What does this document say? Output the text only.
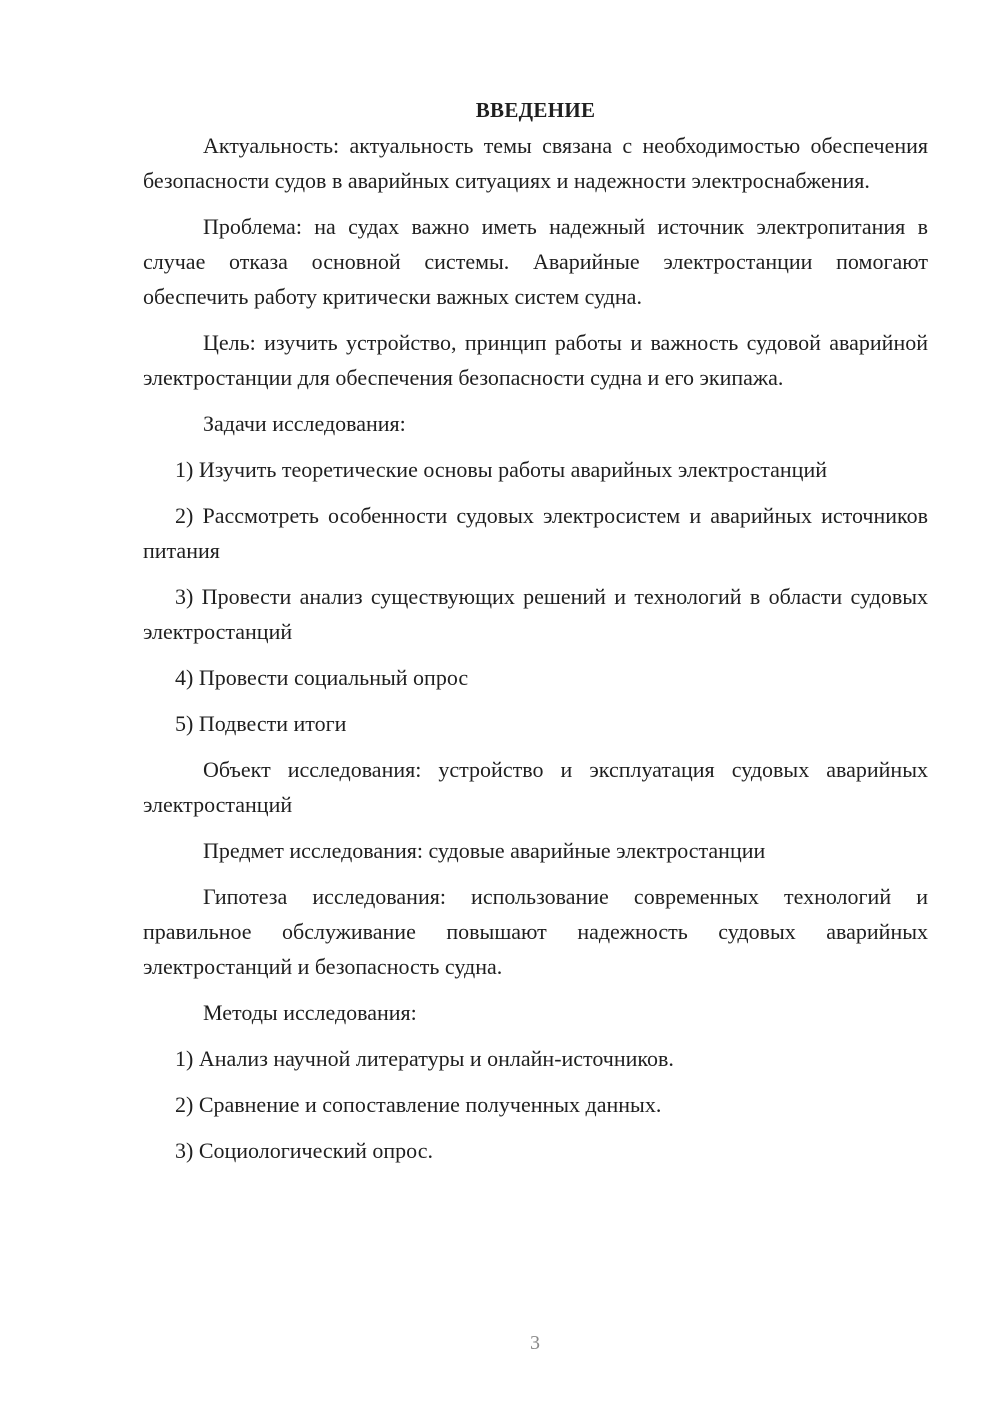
ВВЕДЕНИЕ

Актуальность: актуальность темы связана с необходимостью обеспечения безопасности судов в аварийных ситуациях и надежности электроснабжения.

Проблема: на судах важно иметь надежный источник электропитания в случае отказа основной системы. Аварийные электростанции помогают обеспечить работу критически важных систем судна.

Цель: изучить устройство, принцип работы и важность судовой аварийной электростанции для обеспечения безопасности судна и его экипажа.

Задачи исследования:

1) Изучить теоретические основы работы аварийных электростанций

2) Рассмотреть особенности судовых электросистем и аварийных источников питания

3) Провести анализ существующих решений и технологий в области судовых электростанций

4) Провести социальный опрос

5) Подвести итоги

Объект исследования: устройство и эксплуатация судовых аварийных электростанций

Предмет исследования: судовые аварийные электростанции

Гипотеза исследования: использование современных технологий и правильное обслуживание повышают надежность судовых аварийных электростанций и безопасность судна.

Методы исследования:

1) Анализ научной литературы и онлайн-источников.

2) Сравнение и сопоставление полученных данных.

3) Социологический опрос.

3
